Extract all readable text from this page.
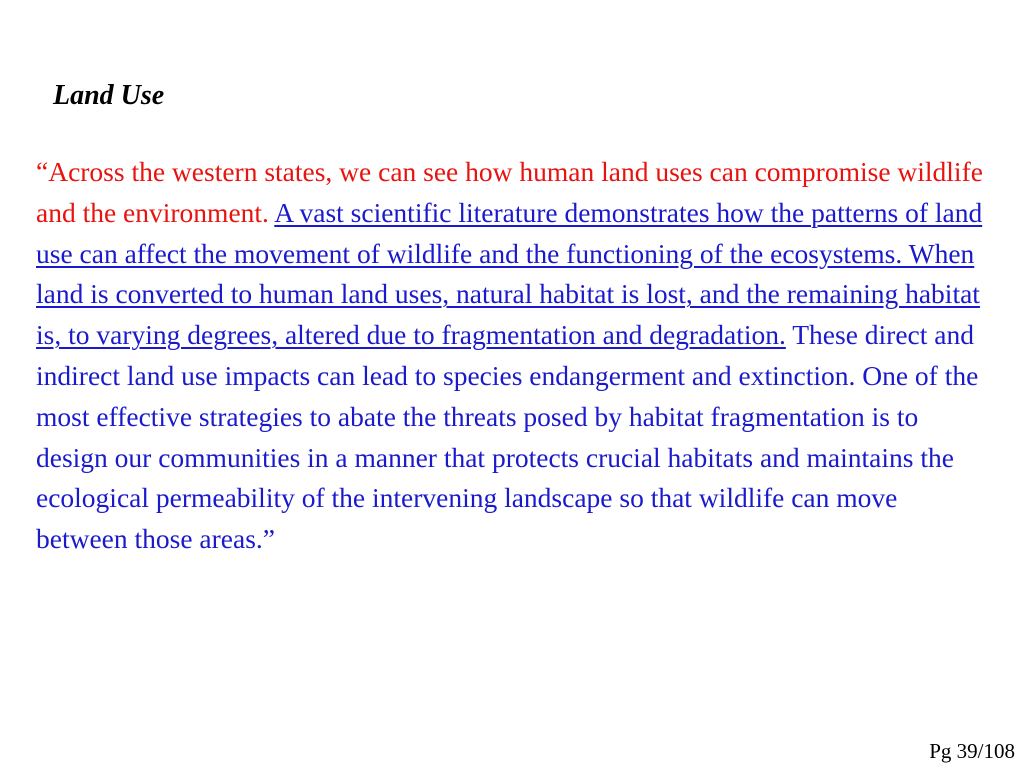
Land Use

“Across the western states, we can see how human land uses can compromise wildlife and the environment. A vast scientific literature demonstrates how the patterns of land use can affect the movement of wildlife and the functioning of the ecosystems. When land is converted to human land uses, natural habitat is lost, and the remaining habitat is, to varying degrees, altered due to fragmentation and degradation. These direct and indirect land use impacts can lead to species endangerment and extinction. One of the most effective strategies to abate the threats posed by habitat fragmentation is to design our communities in a manner that protects crucial habitats and maintains the ecological permeability of the intervening landscape so that wildlife can move between those areas.”

Pg 39/108
